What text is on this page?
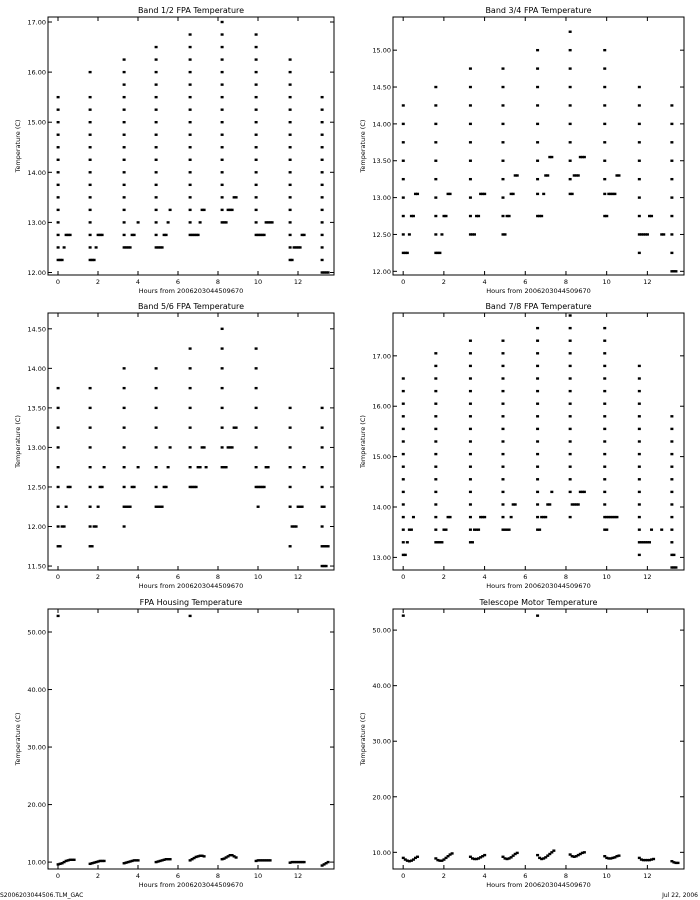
Band 1/2 FPA Temperature
0	2	4	6	8	10	12
12.00
13.00
14.00
15.00
16.00
17.00
Hours from 2006203044509670
Temperature (C)
Band 3/4 FPA Temperature
0	2	4	6	8	10	12
12.00
12.50
13.00
13.50
14.00
14.50
15.00
Hours from 2006203044509670
Temperature (C)
Band 5/6 FPA Temperature
0	2	4	6	8	10	12
11.50
12.00
12.50
13.00
13.50
14.00
14.50
Hours from 2006203044509670
Temperature (C)
Band 7/8 FPA Temperature
0	2	4	6	8	10	12
13.00
14.00
15.00
16.00
17.00
Hours from 2006203044509670
Temperature (C)
FPA Housing Temperature
0	2	4	6	8	10	12
10.00
20.00
30.00
40.00
50.00
Hours from 2006203044509670
Temperature (C)
Telescope Motor Temperature
0	2	4	6	8	10	12
10.00
20.00
30.00
40.00
50.00
Hours from 2006203044509670
Temperature (C)
S2006203044506.TLM_GAC	Jul 22, 2006
